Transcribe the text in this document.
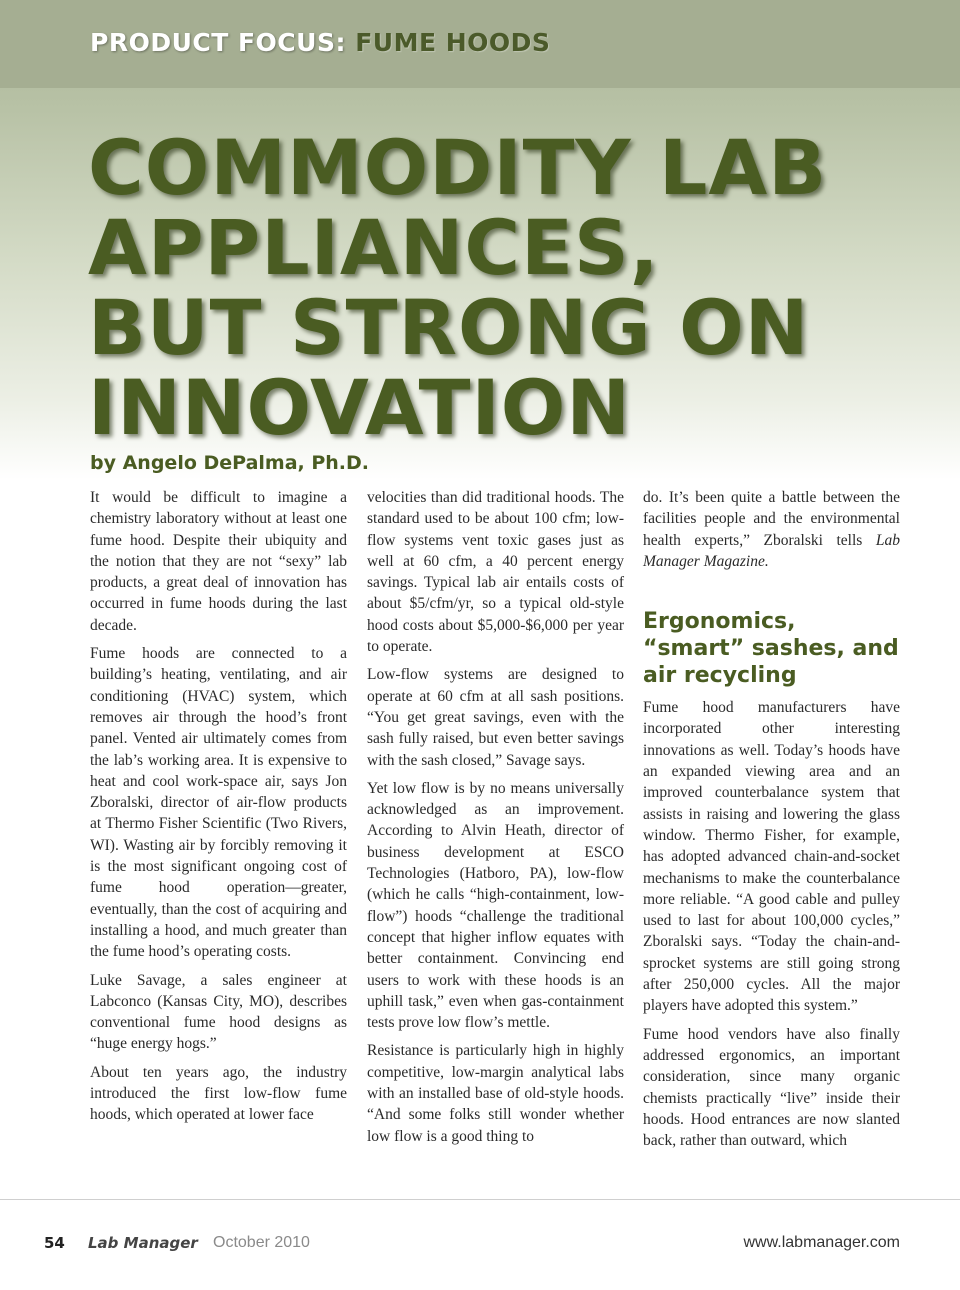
PRODUCT FOCUS: FUME HOODS
COMMODITY LAB
APPLIANCES,
BUT STRONG ON
INNOVATION
by Angelo DePalma, Ph.D.

It would be difficult to imagine a chemistry laboratory without at least one fume hood. Despite their ubiquity and the notion that they are not “sexy” lab products, a great deal of innovation has occurred in fume hoods during the last decade.

Fume hoods are connected to a building’s heating, ventilating, and air conditioning (HVAC) system, which removes air through the hood’s front panel. Vented air ultimately comes from the lab’s working area. It is expensive to heat and cool work-space air, says Jon Zboralski, director of air-flow products at Thermo Fisher Scientific (Two Rivers, WI). Wasting air by forcibly removing it is the most significant ongoing cost of fume hood operation—greater, eventually, than the cost of acquiring and installing a hood, and much greater than the fume hood’s operating costs.

Luke Savage, a sales engineer at Labconco (Kansas City, MO), describes conventional fume hood designs as “huge energy hogs.”

About ten years ago, the industry introduced the first low-flow fume hoods, which operated at lower face

velocities than did traditional hoods. The standard used to be about 100 cfm; low-flow systems vent toxic gases just as well at 60 cfm, a 40 percent energy savings. Typical lab air entails costs of about $5/cfm/yr, so a typical old-style hood costs about $5,000-$6,000 per year to operate.

Low-flow systems are designed to operate at 60 cfm at all sash positions. “You get great savings, even with the sash fully raised, but even better savings with the sash closed,” Savage says.

Yet low flow is by no means universally acknowledged as an improvement. According to Alvin Heath, director of business development at ESCO Technologies (Hatboro, PA), low-flow (which he calls “high-containment, low-flow”) hoods “challenge the traditional concept that higher inflow equates with better containment. Convincing end users to work with these hoods is an uphill task,” even when gas-containment tests prove low flow’s mettle.

Resistance is particularly high in highly competitive, low-margin analytical labs with an installed base of old-style hoods. “And some folks still wonder whether low flow is a good thing to

do. It’s been quite a battle between the facilities people and the environmental health experts,” Zboralski tells Lab Manager Magazine.

Ergonomics, “smart” sashes, and air recycling

Fume hood manufacturers have incorporated other interesting innovations as well. Today’s hoods have an expanded viewing area and an improved counterbalance system that assists in raising and lowering the glass window. Thermo Fisher, for example, has adopted advanced chain-and-socket mechanisms to make the counterbalance more reliable. “A good cable and pulley used to last for about 100,000 cycles,” Zboralski says. “Today the chain-and-sprocket systems are still going strong after 250,000 cycles. All the major players have adopted this system.”

Fume hood vendors have also finally addressed ergonomics, an important consideration, since many organic chemists practically “live” inside their hoods. Hood entrances are now slanted back, rather than outward, which

54 Lab Manager October 2010	www.labmanager.com
